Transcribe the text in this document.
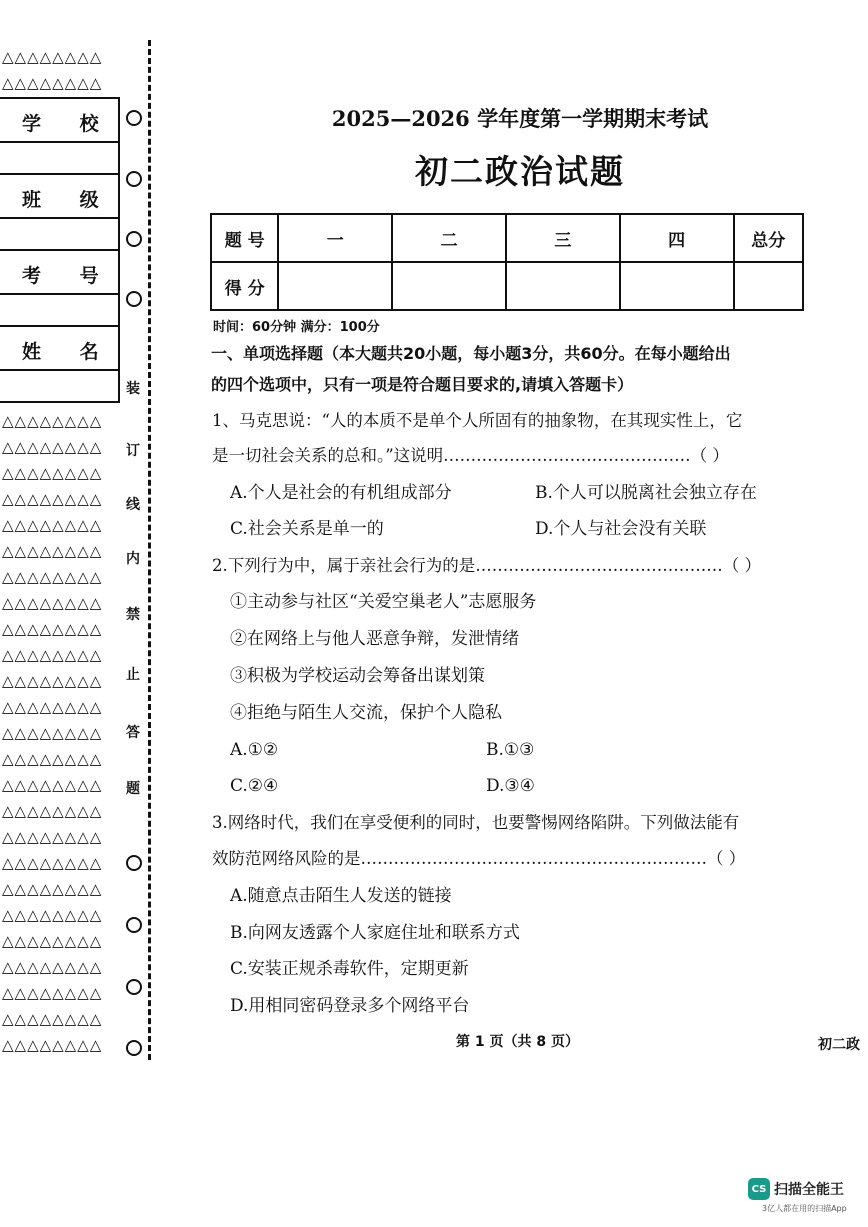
△△△△△△△△
△△△△△△△△
学 校
班 级
考 号
姓 名
△△△△△△△△
△△△△△△△△
△△△△△△△△
△△△△△△△△
△△△△△△△△
△△△△△△△△
△△△△△△△△
△△△△△△△△
△△△△△△△△
△△△△△△△△
△△△△△△△△
△△△△△△△△
△△△△△△△△
△△△△△△△△
△△△△△△△△
△△△△△△△△
△△△△△△△△
△△△△△△△△
△△△△△△△△
△△△△△△△△
△△△△△△△△
△△△△△△△△
△△△△△△△△
△△△△△△△△
△△△△△△△△
装
订
线
内
禁
止
答
题
2025—2026 学年度第一学期期末考试
初二政治试题
题 号	一	二	三	四	总分
得 分					
时间：60分钟 满分：100分
一、单项选择题（本大题共20小题，每小题3分，共60分。在每小题给出
的四个选项中，只有一项是符合题目要求的,请填入答题卡）
1、马克思说：“人的本质不是单个人所固有的抽象物，在其现实性上，它
是一切社会关系的总和。”这说明………………………………………（ ）
A.个人是社会的有机组成部分	B.个人可以脱离社会独立存在
C.社会关系是单一的	D.个人与社会没有关联
2.下列行为中，属于亲社会行为的是………………………………………（ ）
①主动参与社区“关爱空巢老人”志愿服务
②在网络上与他人恶意争辩，发泄情绪
③积极为学校运动会筹备出谋划策
④拒绝与陌生人交流，保护个人隐私
A.①②	B.①③
C.②④	D.③④
3.网络时代，我们在享受便利的同时，也要警惕网络陷阱。下列做法能有
效防范网络风险的是………………………………………………………（ ）
A.随意点击陌生人发送的链接
B.向网友透露个人家庭住址和联系方式
C.安装正规杀毒软件，定期更新
D.用相同密码登录多个网络平台
第 1 页（共 8 页）	初二政
CS 扫描全能王
3亿人都在用的扫描App
